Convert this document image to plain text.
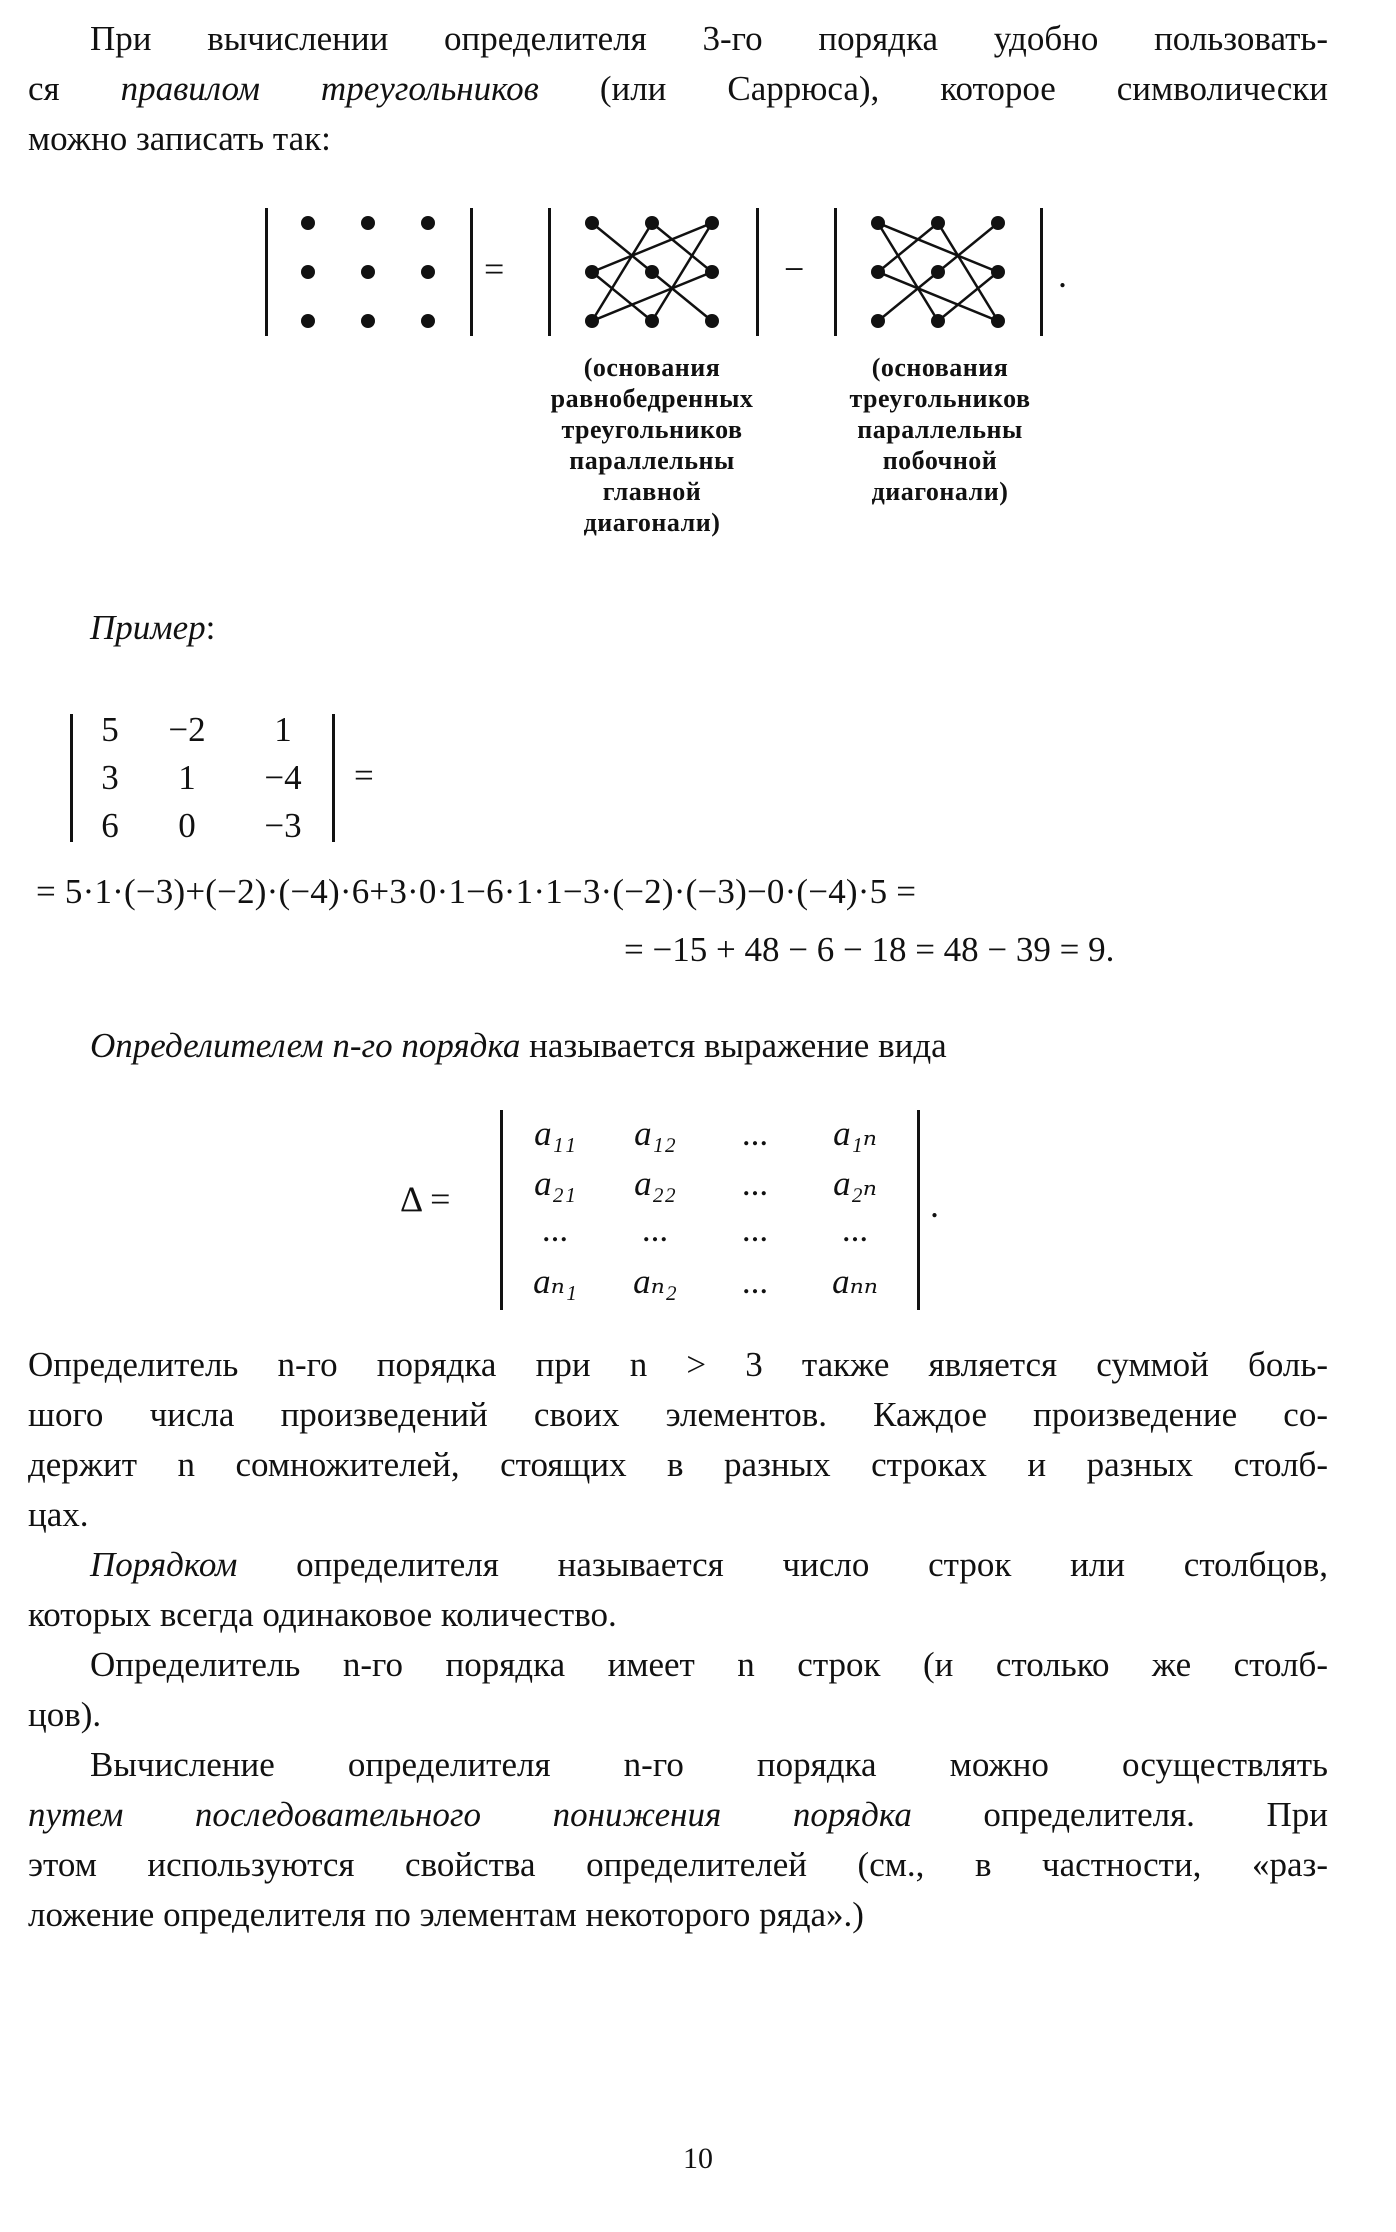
При вычислении определителя 3-го порядка удобно пользовать-
ся правилом треугольников (или Саррюса), которое символически
можно записать так:
=	−	.
(основания
равнобедренных
треугольников
параллельны
главной
диагонали)
(основания
треугольников
параллельны
побочной
диагонали)
Пример:
5	−2	1
3	1	−4
6	0	−3
=
= 5·1·(−3)+(−2)·(−4)·6+3·0·1−6·1·1−3·(−2)·(−3)−0·(−4)·5 =
= −15 + 48 − 6 − 18 = 48 − 39 = 9.
Определителем n-го порядка называется выражение вида
Δ =	.
a₁₁	a₁₂	...	a₁ₙ
a₂₁	a₂₂	...	a₂ₙ
...	...	...	...
aₙ₁	aₙ₂	...	aₙₙ
Определитель n-го порядка при n > 3 также является суммой боль-
шого числа произведений своих элементов. Каждое произведение со-
держит n сомножителей, стоящих в разных строках и разных столб-
цах.
Порядком определителя называется число строк или столбцов,
которых всегда одинаковое количество.
Определитель n-го порядка имеет n строк (и столько же столб-
цов).
Вычисление определителя n-го порядка можно осуществлять
путем последовательного понижения порядка определителя. При
этом используются свойства определителей (см., в частности, «раз-
ложение определителя по элементам некоторого ряда».)
10
